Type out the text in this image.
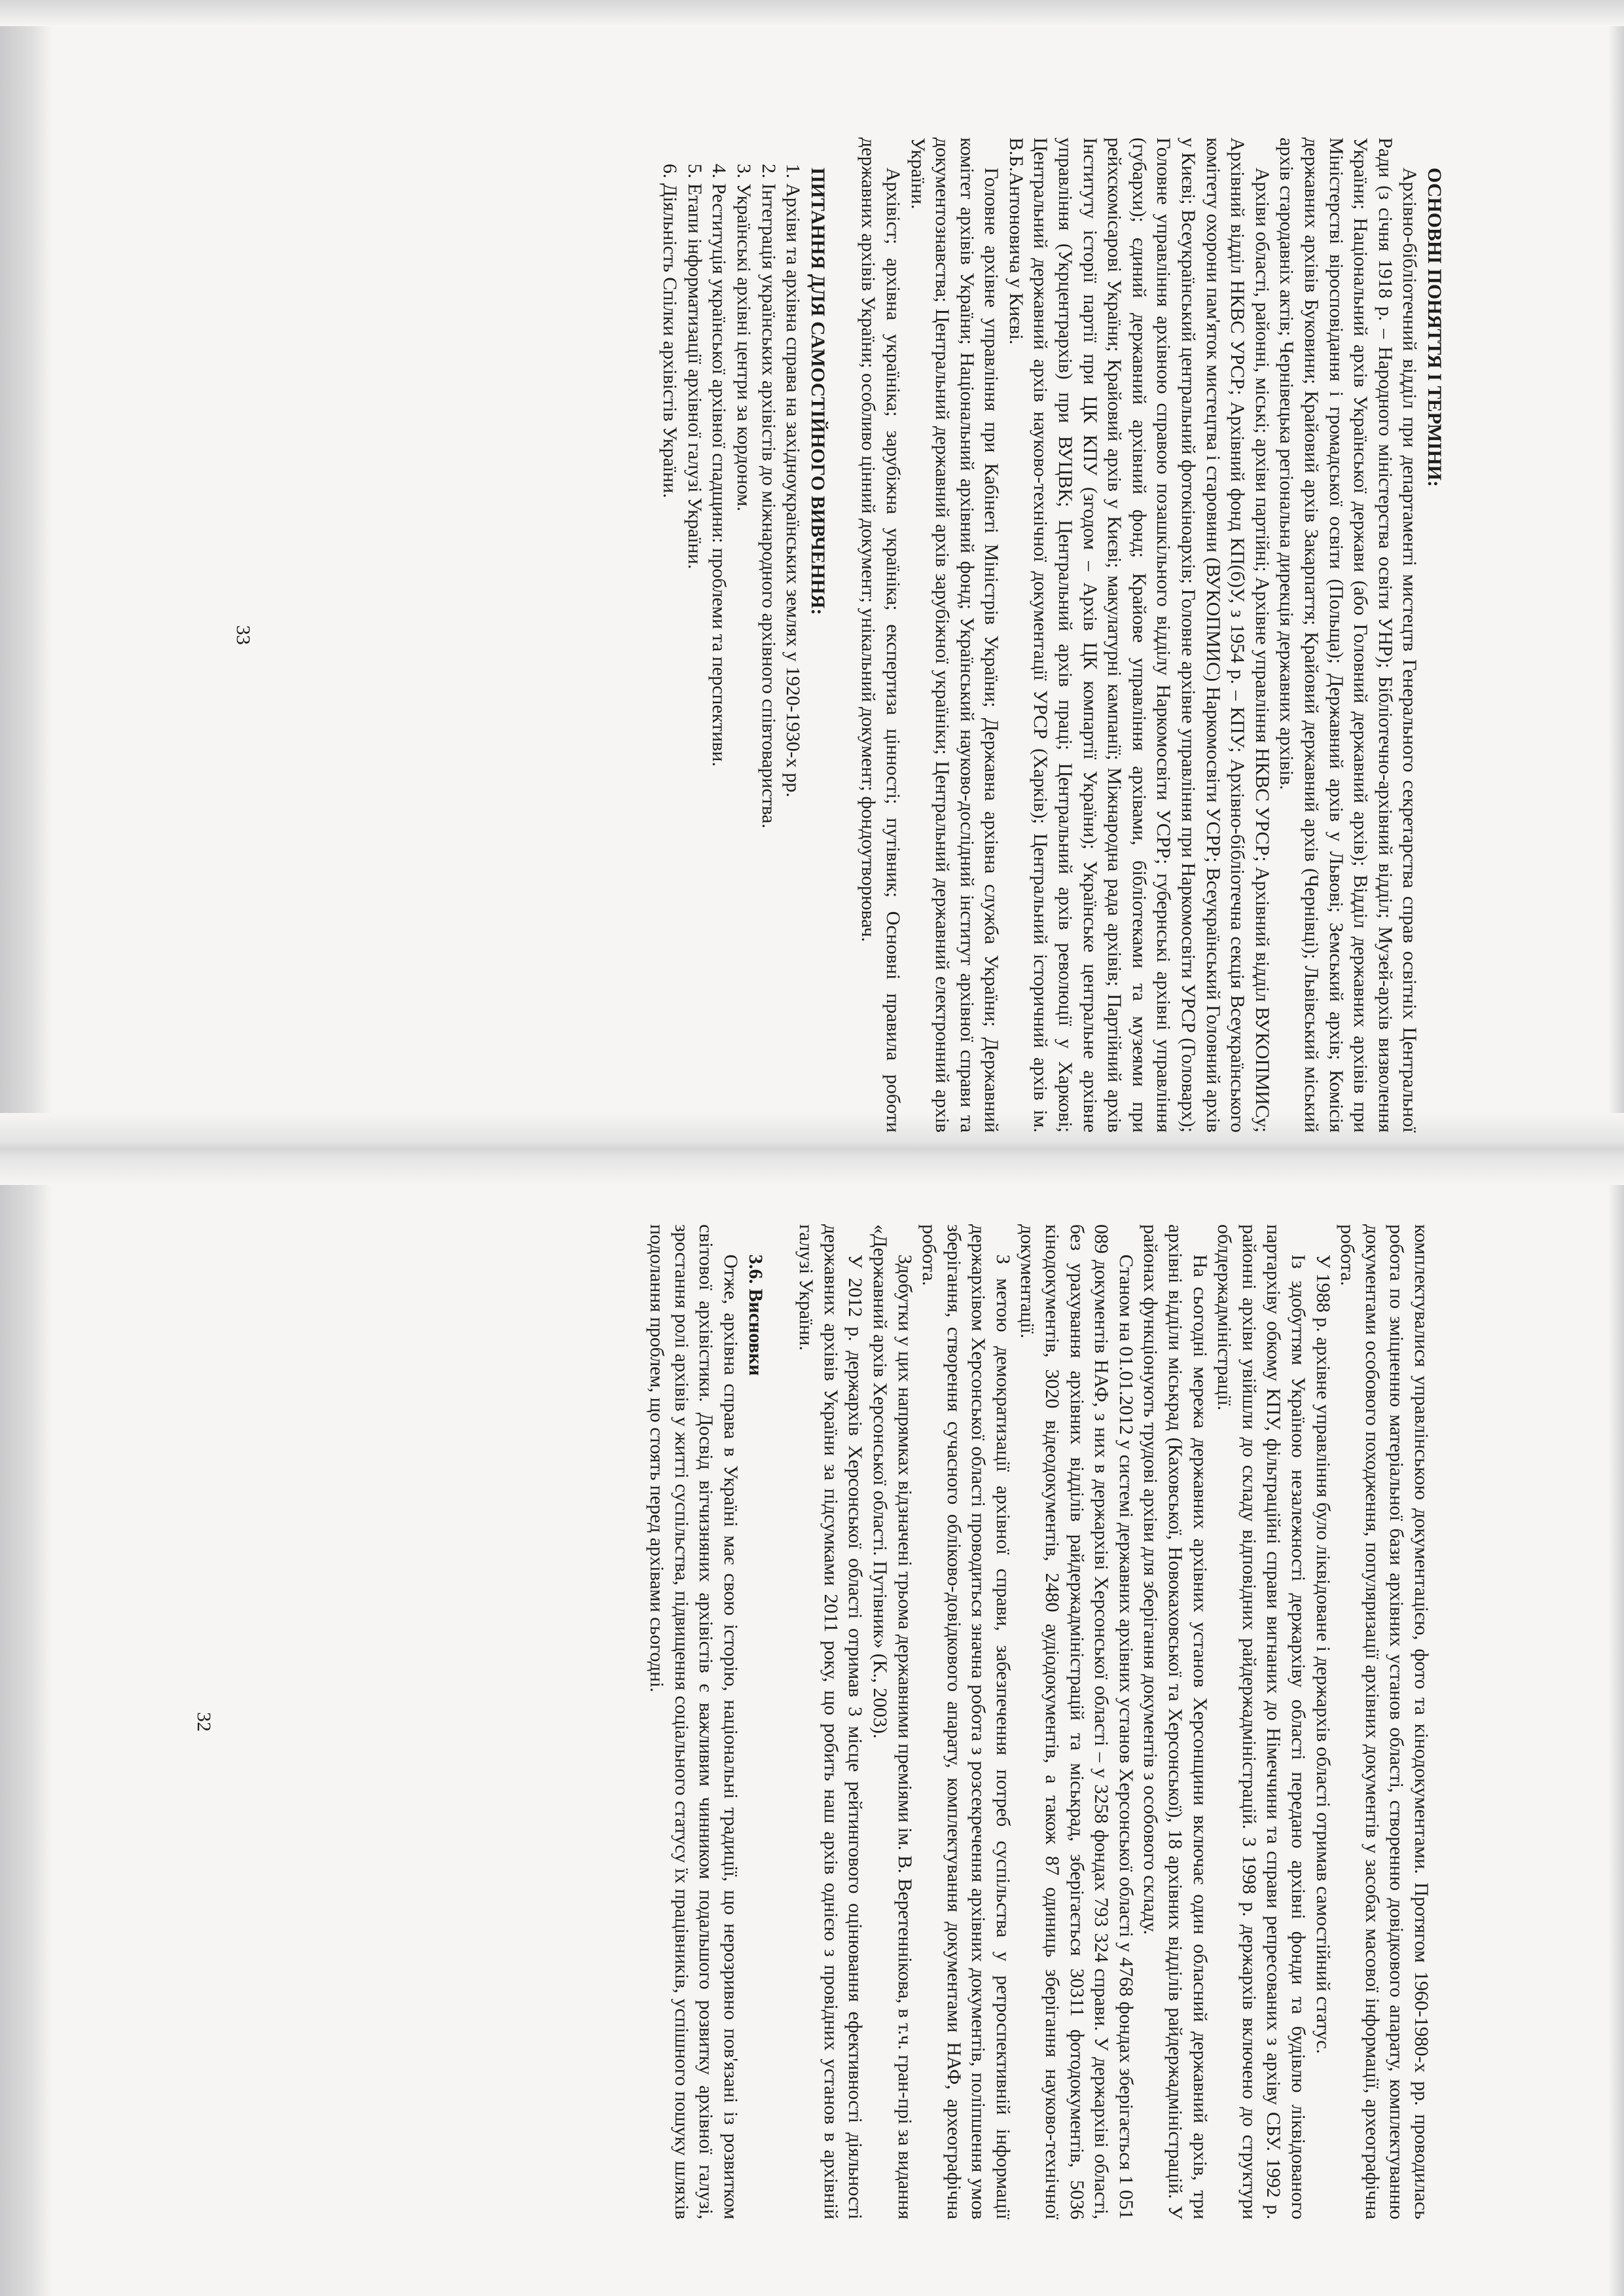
ОСНОВНІ ПОНЯТТЯ І ТЕРМІНИ:

Архівно-бібліотечний відділ при департаменті мистецтв Генерального секретарства справ освітніх Центральної Ради (з січня 1918 р. – Народного міністерства освіти УНР); Бібліотечно-архівний відділ; Музей-архів визволення України; Національний архів Української держави (або Головний державний архів); Відділ державних архівів при Міністерстві віросповідання і громадської освіти (Польща); Державний архів у Львові; Земський архів; Комісія державних архівів Буковини; Крайовий архів Закарпаття; Крайовий державний архів (Чернівці); Львівський міський архів стародавніх актів; Чернівецька регіональна дирекція державних архівів.

Архіви області, районні, міські; архіви партійні; Архівне управління НКВС УРСР; Архівний відділ ВУКОПМИСу; Архівний відділ НКВС УРСР; Архівний фонд КП(б)У, з 1954 р. – КПУ; Архівно-бібліотечна секція Всеукраїнського комітету охорони пам'яток мистецтва і старовини (ВУКОПМИС) Наркомосвіти УСРР; Всеукраїнський Головний архів у Києві; Всеукраїнський центральний фотокіноархів; Головне архівне управління при Наркомосвіти УРСР (Головарх); Головне управління архівною справою позашкільного відділу Наркомосвіти УСРР; губернські архівні управління (губархи); єдиний державний архівний фонд; Крайове управління архівами, бібліотеками та музеями при рейхскомісарові України; Крайовий архів у Києві; макулатурні кампанії; Міжнародна рада архівів; Партійний архів Інституту історії партії при ЦК КПУ (згодом – Архів ЦК компартії України); Українське центральне архівне управління (Укрцентрархів) при ВУЦВК; Центральний архів праці; Центральний архів революції у Харкові; Центральний державний архів науково-технічної документації УРСР (Харків); Центральний історичний архів ім. В.Б.Антоновича у Києві.

Головне архівне управління при Кабінеті Міністрів України; Державна архівна служба України; Державний комітет архівів України; Національний архівний фонд; Український науково-дослідний інститут архівної справи та документознавства; Центральний державний архів зарубіжної україніки; Центральний державний електронний архів України.

Архівіст; архівна україніка; зарубіжна україніка; експертиза цінності; путівник; Основні правила роботи державних архівів України; особливо цінний документ; унікальний документ; фондоутворювач.

ПИТАННЯ ДЛЯ САМОСТІЙНОГО ВИВЧЕННЯ:

1. Архіви та архівна справа на західноукраїнських землях у 1920-1930-х рр.

2. Інтеграція українських архівістів до міжнародного архівного співтовариства.

3. Українські архівні центри за кордоном.

4. Реституція української архівної спадщини: проблеми та перспективи.

5. Етапи інформатизації архівної галузі України.

6. Діяльність Спілки архівістів України.

33

комплектувалися управлінською документацією, фото та кінодокументами. Протягом 1960-1980-х рр. проводилась робота по зміцненню матеріальної бази архівних установ області, створенню довідкового апарату, комплектуванню документами особового походження, популяризації архівних документів у засобах масової інформації, археографічна робота.

У 1988 р. архівне управління було ліквідоване і держархів області отримав самостійний статус.

Із здобуттям Україною незалежності держархіву області передано архівні фонди та будівлю ліквідованого партархіву обкому КПУ, фільтраційні справи вигнаних до Німеччини та справи репресованих з архіву СБУ. 1992 р. районні архіви увійшли до складу відповідних райдержадміністрацій. З 1998 р. держархів включено до структури облдержадміністрації.

На сьогодні мережа державних архівних установ Херсонщини включає один обласний державний архів, три архівні відділи міськрад (Каховської, Новокаховської та Херсонської), 18 архівних відділів райдержадміністрацій. У районах функціонують трудові архіви для зберігання документів з особового складу.

Станом на 01.01.2012 у системі державних архівних установ Херсонської області у 4768 фондах зберігається 1 051 089 документів НАФ, з них в держархіві Херсонської області – у 3258 фондах 793 324 справи. У держархіві області, без урахування архівних відділів райдержадміністрацій та міськрад, зберігається 30311 фотодокументів, 5036 кінодокументів, 3020 відеодокументів, 2480 аудіодокументів, а також 87 одиниць зберігання науково-технічної документації.

З метою демократизації архівної справи, забезпечення потреб суспільства у ретроспективній інформації держархівом Херсонської області проводиться значна робота з розсекречення архівних документів, поліпшення умов зберігання, створення сучасного обліково-довідкового апарату, комплектування документами НАФ, археографічна робота.

Здобутки у цих напрямках відзначені трьома державними преміями ім. В. Веретеннікова, в т.ч. гран-прі за видання «Державний архів Херсонської області. Путівник» (К., 2003).

У 2012 р. держархів Херсонської області отримав 3 місце рейтингового оцінювання ефективності діяльності державних архівів України за підсумками 2011 року, що робить наш архів однією з провідних установ в архівній галузі України.

3.6. Висновки

Отже, архівна справа в Україні має свою історію, національні традиції, що нерозривно пов'язані із розвитком світової архівістики. Досвід вітчизняних архівістів є важливим чинником подальшого розвитку архівної галузі, зростання ролі архівів у житті суспільства, підвищення соціального статусу їх працівників, успішного пошуку шляхів подолання проблем, що стоять перед архівами сьогодні.

32
